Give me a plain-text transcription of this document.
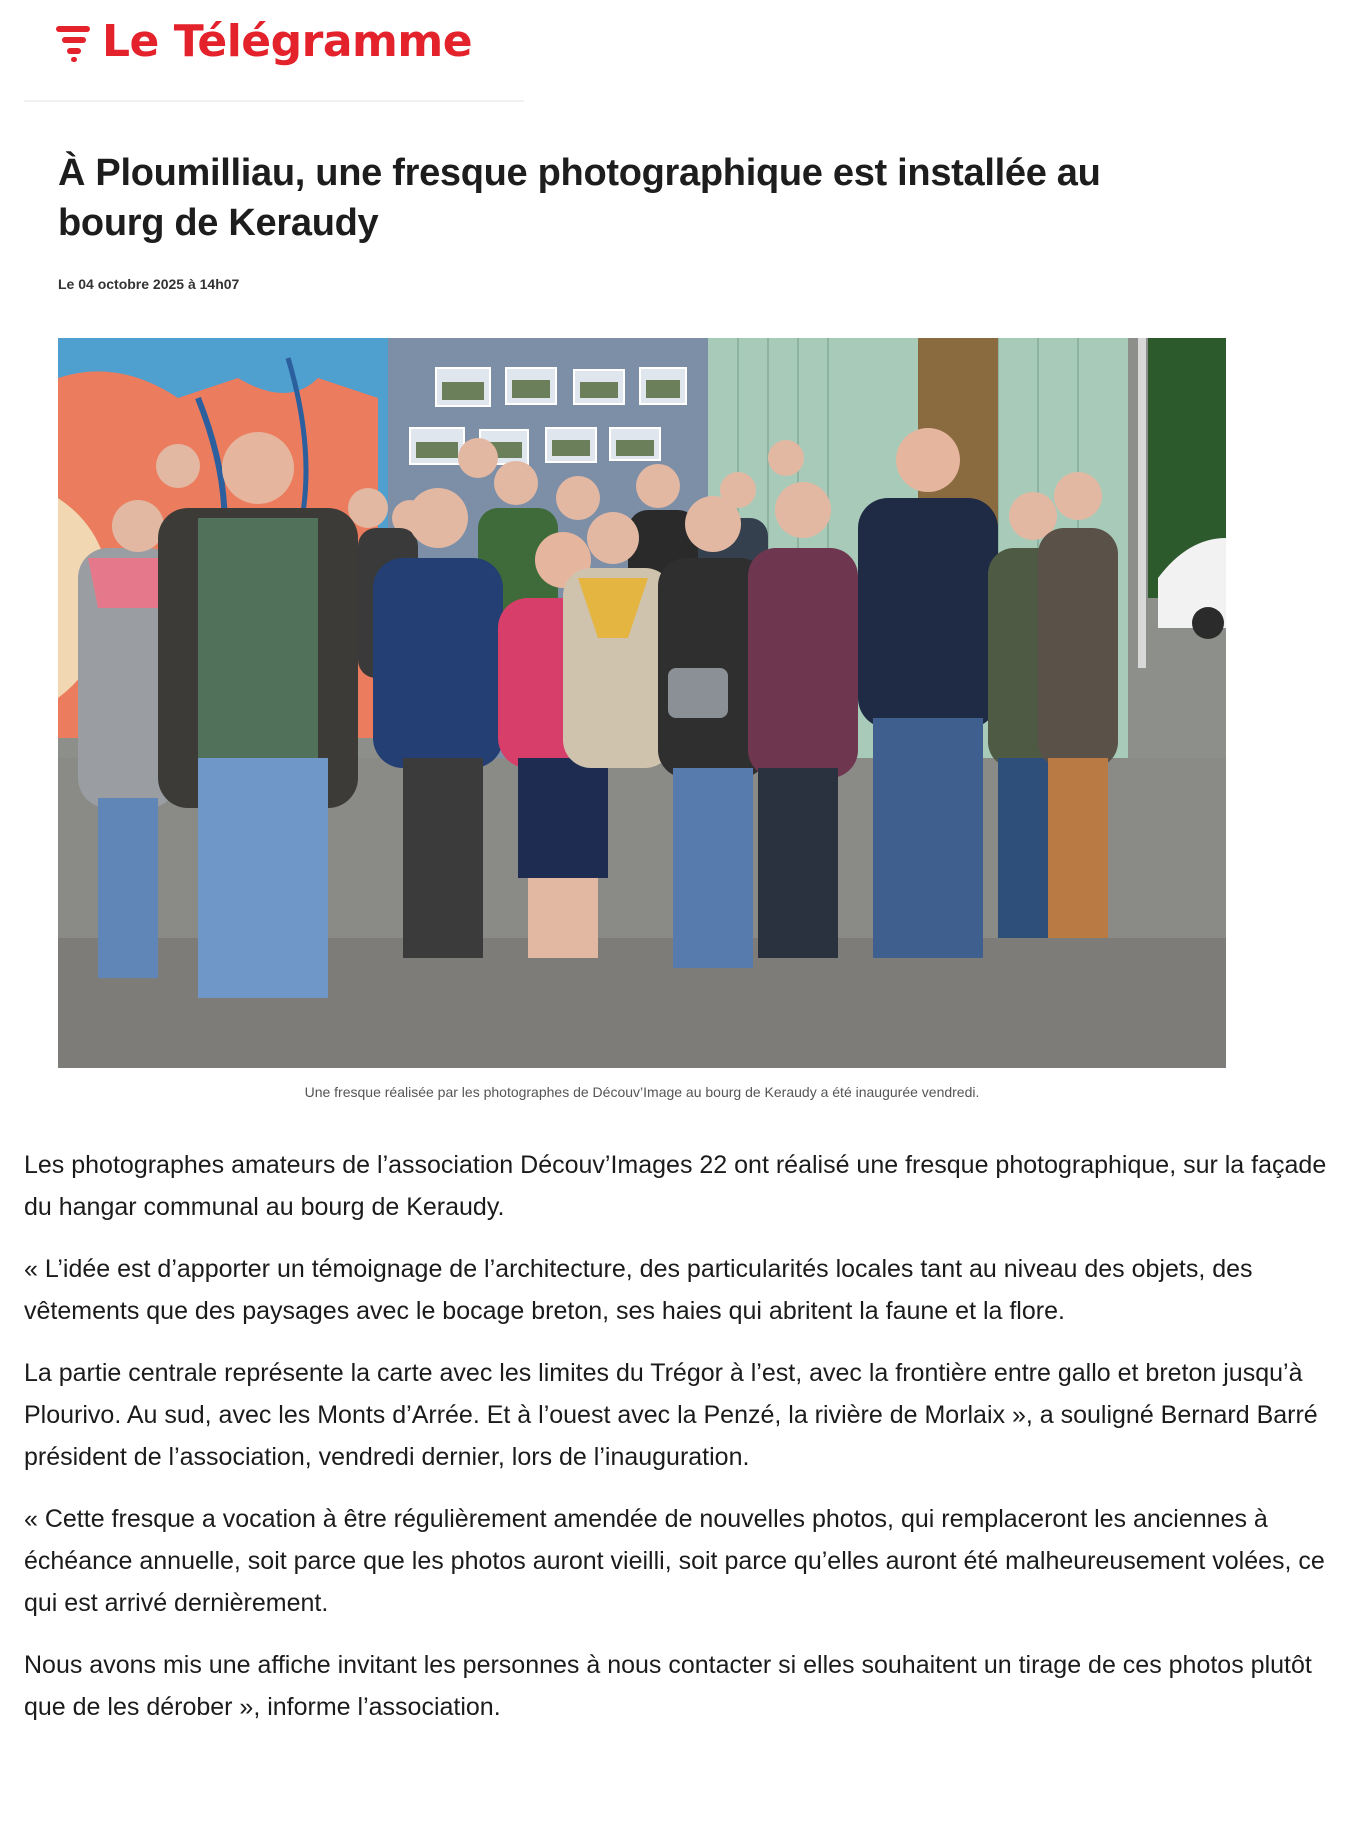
Le Télégramme
À Ploumilliau, une fresque photographique est installée au bourg de Keraudy
Le 04 octobre 2025 à 14h07
Une fresque réalisée par les photographes de Découv’Image au bourg de Keraudy a été inaugurée vendredi.

Les photographes amateurs de l’association Découv’Images 22 ont réalisé une fresque photographique, sur la façade du hangar communal au bourg de Keraudy.

« L’idée est d’apporter un témoignage de l’architecture, des particularités locales tant au niveau des objets, des vêtements que des paysages avec le bocage breton, ses haies qui abritent la faune et la flore.

La partie centrale représente la carte avec les limites du Trégor à l’est, avec la frontière entre gallo et breton jusqu’à Plourivo. Au sud, avec les Monts d’Arrée. Et à l’ouest avec la Penzé, la rivière de Morlaix », a souligné Bernard Barré président de l’association, vendredi dernier, lors de l’inauguration.

« Cette fresque a vocation à être régulièrement amendée de nouvelles photos, qui remplaceront les anciennes à échéance annuelle, soit parce que les photos auront vieilli, soit parce qu’elles auront été malheureusement volées, ce qui est arrivé dernièrement.

Nous avons mis une affiche invitant les personnes à nous contacter si elles souhaitent un tirage de ces photos plutôt que de les dérober », informe l’association.
